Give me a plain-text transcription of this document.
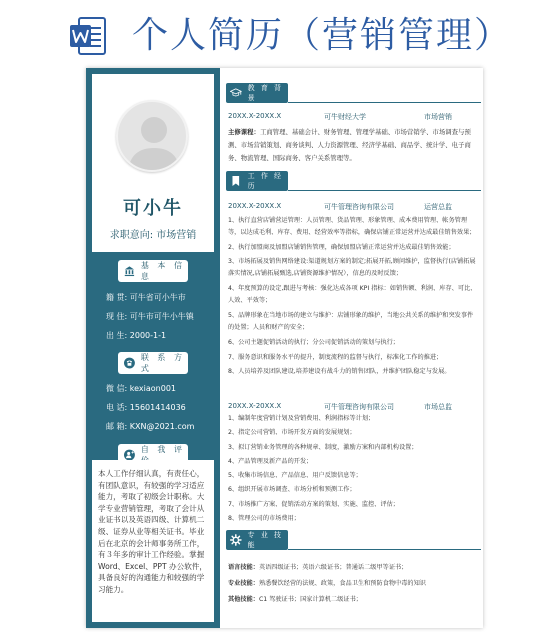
个人简历（营销管理）
可小牛
求职意向: 市场营销
基 本 信 息
籍 贯: 可牛省可小牛市
现 住: 可牛市可牛小牛镇
出 生: 2000-1-1
联 系 方 式
微 信: kexiaon001
电 话: 15601414036
邮 箱: KXN@2021.com
自 我 评
本人工作仔细认真，有责任心，有团队意识，有较强的学习适应能力，考取了初级会计职称。大学专业营销管理，考取了会计从业证书以及英语四级、计算机二级、证券从业等相关证书。毕业后在北京的会计师事务所工作，有３年多的审计工作经验。掌握 Word、Excel、PPT 办公软件，具备良好的沟通能力和较强的学习能力。
教 育 背 景
20XX.X-20XX.X	可牛财经大学	市场营销
主修课程：工商管理、基础会计、财务管理、管理学基础、市场营销学、市场调查与预测、市场营销策划、商务谈判、人力资源管理、经济学基础、商品学、统计学、电子商务、物流管理、国际商务、客户关系管理等。
工 作 经 历
20XX.X-20XX.X	可牛管理咨询有限公司	运营总监
1、执行直营店铺营运管理：人员管理、货品管理、形象管理、成本费用管理、帐务管理等，以达成毛利、库存、费用、经营效率等指标，确保店铺正常运营并达成最佳销售效果；
2、执行加盟商及加盟店铺销售管理，确保加盟店铺正常运营并达成最佳销售效能；
3、市场拓展及销售网络建设:渠道规划方案的制定;拓展开拓,顾问维护，监督执行(店铺拓展落实情况,店铺拓展甄选,店铺资源维护情况），信息的及时反馈；
4、年度预算的设定,跟进与考核：强化达成各项 KPI 指标：如销售额、利润、库存、可比、人效、平效等；
5、品牌形象在当地市场的建立与维护：店铺形象的维护，当地公共关系的维护和突发事件的处置；人员和财产的安全；
6、公司主题促销活动的执行；分公司促销活动的策划与执行；
7、服务意识和服务水平的提升，制度流程的监督与执行，标准化工作的推进；
8、人员培养及团队建设,培养建设有战斗力的销售团队，并维护团队稳定与发展。
20XX.X-20XX.X	可牛管理咨询有限公司	市场总监
1、编制年度营销计划及营销费用、利润指标等计划；
2、指定公司营销、市场开发方面的发展规划；
3、拟订营销业务管理的各种规章、制度，激励方案和内部机构设置；
4、产品管理及新产品的开发；
5、收集市场信息、产品信息、用户反馈信息等；
6、组织开展市场调查、市场分析和预测工作；
7、市场推广方案、促销活动方案的策划、实施、监控、评估；
8、管理公司的市场费用；
专 业 技 能
语言技能：英语四级证书；英语六级证书；普通话二级甲等证书；
专业技能：熟悉餐饮经营的法规、政策，食品卫生和预防食物中毒的知识
其他技能：C1 驾驶证书；国家计算机二级证书；
